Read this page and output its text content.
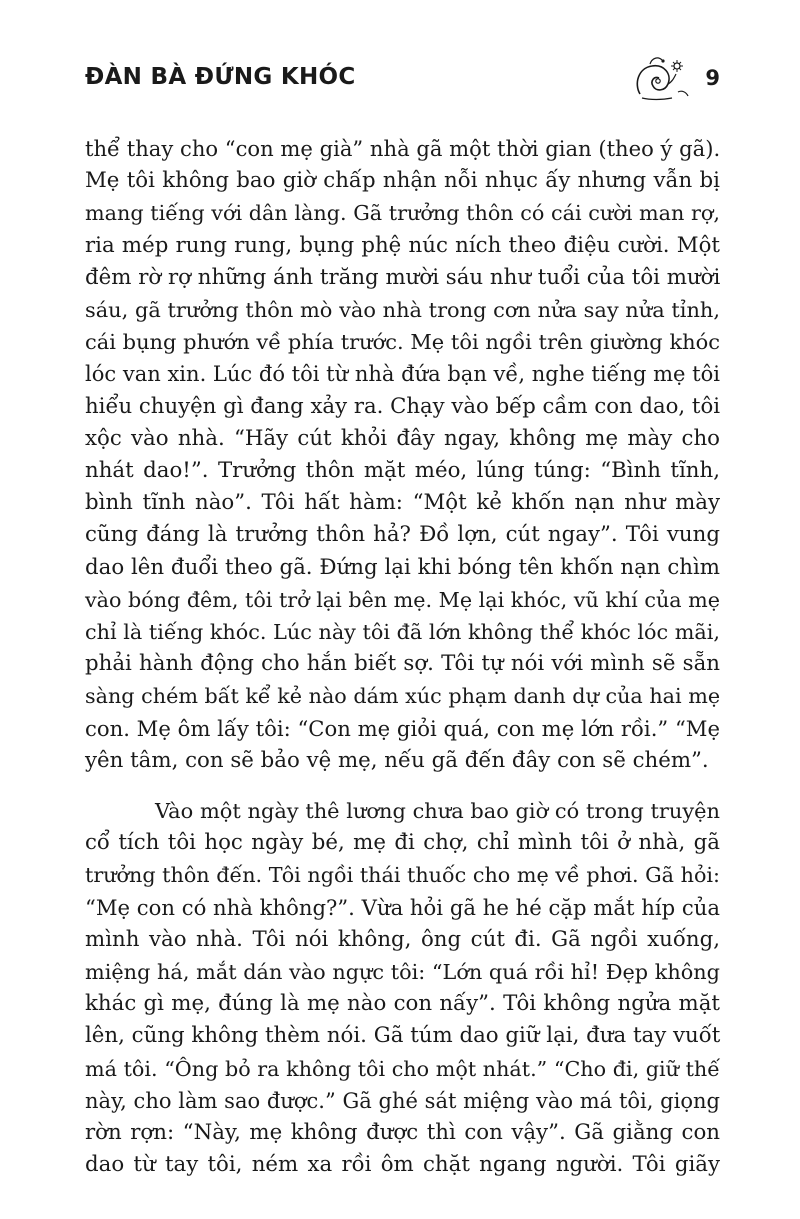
ĐÀN BÀ ĐỨNG KHÓC	9
thể thay cho “con mẹ già” nhà gã một thời gian (theo ý gã).
Mẹ tôi không bao giờ chấp nhận nỗi nhục ấy nhưng vẫn bị
mang tiếng với dân làng. Gã trưởng thôn có cái cười man rợ,
ria mép rung rung, bụng phệ núc ních theo điệu cười. Một
đêm rờ rợ những ánh trăng mười sáu như tuổi của tôi mười
sáu, gã trưởng thôn mò vào nhà trong cơn nửa say nửa tỉnh,
cái bụng phướn về phía trước. Mẹ tôi ngồi trên giường khóc
lóc van xin. Lúc đó tôi từ nhà đứa bạn về, nghe tiếng mẹ tôi
hiểu chuyện gì đang xảy ra. Chạy vào bếp cầm con dao, tôi
xộc vào nhà. “Hãy cút khỏi đây ngay, không mẹ mày cho
nhát dao!”. Trưởng thôn mặt méo, lúng túng: “Bình tĩnh,
bình tĩnh nào”. Tôi hất hàm: “Một kẻ khốn nạn như mày
cũng đáng là trưởng thôn hả? Đồ lợn, cút ngay”. Tôi vung
dao lên đuổi theo gã. Đứng lại khi bóng tên khốn nạn chìm
vào bóng đêm, tôi trở lại bên mẹ. Mẹ lại khóc, vũ khí của mẹ
chỉ là tiếng khóc. Lúc này tôi đã lớn không thể khóc lóc mãi,
phải hành động cho hắn biết sợ. Tôi tự nói với mình sẽ sẵn
sàng chém bất kể kẻ nào dám xúc phạm danh dự của hai mẹ
con. Mẹ ôm lấy tôi: “Con mẹ giỏi quá, con mẹ lớn rồi.” “Mẹ
yên tâm, con sẽ bảo vệ mẹ, nếu gã đến đây con sẽ chém”.
Vào một ngày thê lương chưa bao giờ có trong truyện
cổ tích tôi học ngày bé, mẹ đi chợ, chỉ mình tôi ở nhà, gã
trưởng thôn đến. Tôi ngồi thái thuốc cho mẹ về phơi. Gã hỏi:
“Mẹ con có nhà không?”. Vừa hỏi gã he hé cặp mắt híp của
mình vào nhà. Tôi nói không, ông cút đi. Gã ngồi xuống,
miệng há, mắt dán vào ngực tôi: “Lớn quá rồi hỉ! Đẹp không
khác gì mẹ, đúng là mẹ nào con nấy”. Tôi không ngửa mặt
lên, cũng không thèm nói. Gã túm dao giữ lại, đưa tay vuốt
má tôi. “Ông bỏ ra không tôi cho một nhát.” “Cho đi, giữ thế
này, cho làm sao được.” Gã ghé sát miệng vào má tôi, giọng
rờn rợn: “Này, mẹ không được thì con vậy”. Gã giằng con
dao từ tay tôi, ném xa rồi ôm chặt ngang người. Tôi giãy
